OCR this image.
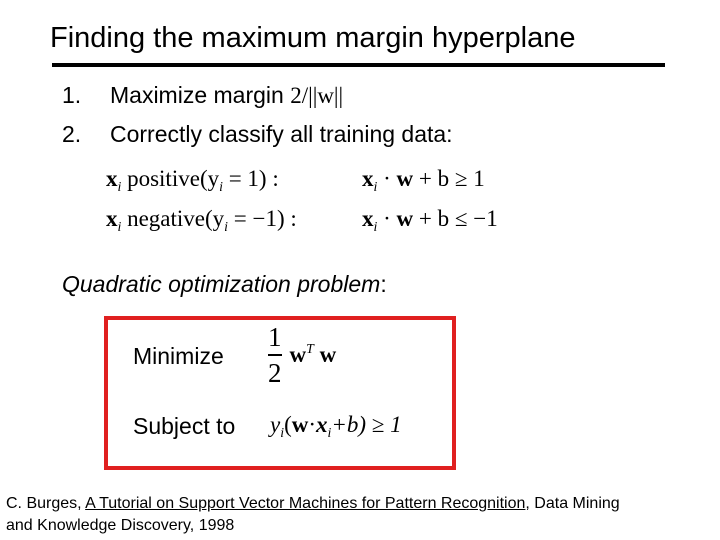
Finding the maximum margin hyperplane
1. Maximize margin 2/||w||
2. Correctly classify all training data:
$x_i$ $positive(y_i = 1)$ :	$x_i \cdot w + b \ge 1$
$x_i$ $negative(y_i = -1)$ :	$x_i \cdot w + b \le -1$
Quadratic optimization problem:
Minimize $\frac{1}{2} w^T$ w
Subject to $y_i(w\cdot x_i+b) \ge 1$
C. Burges, A Tutorial on Support Vector Machines for Pattern Recognition, Data Mining
and Knowledge Discovery, 1998
